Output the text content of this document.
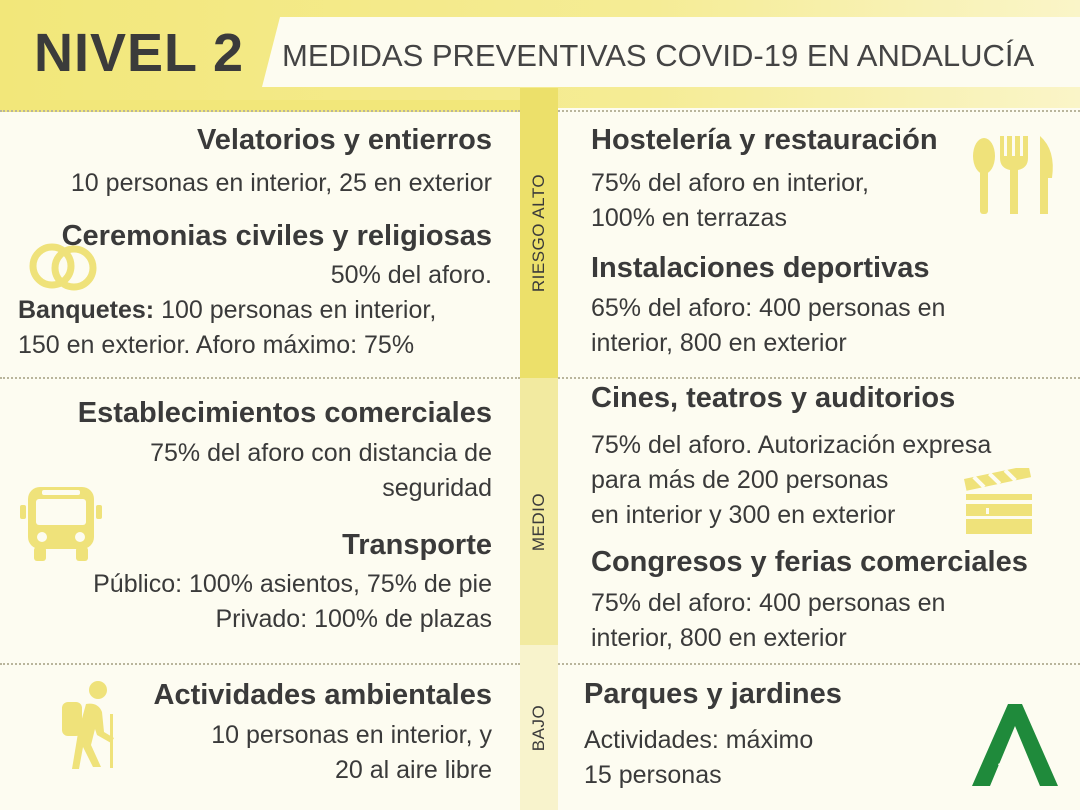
NIVEL 2 MEDIDAS PREVENTIVAS COVID-19 EN ANDALUCÍA
RIESGO ALTO
MEDIO
BAJO
Velatorios y entierros
10 personas en interior, 25 en exterior
Ceremonias civiles y religiosas
50% del aforo.
Banquetes: 100 personas en interior,
150 en exterior. Aforo máximo: 75%
Hostelería y restauración
75% del aforo en interior,
100% en terrazas
Instalaciones deportivas
65% del aforo: 400 personas en
interior, 800 en exterior
Establecimientos comerciales
75% del aforo con distancia de
seguridad
Transporte
Público: 100% asientos, 75% de pie
Privado: 100% de plazas
Cines, teatros y auditorios
75% del aforo. Autorización expresa
para más de 200 personas
en interior y 300 en exterior
Congresos y ferias comerciales
75% del aforo: 400 personas en
interior, 800 en exterior
Actividades ambientales
10 personas en interior, y
20 al aire libre
Parques y jardines
Actividades: máximo
15 personas
